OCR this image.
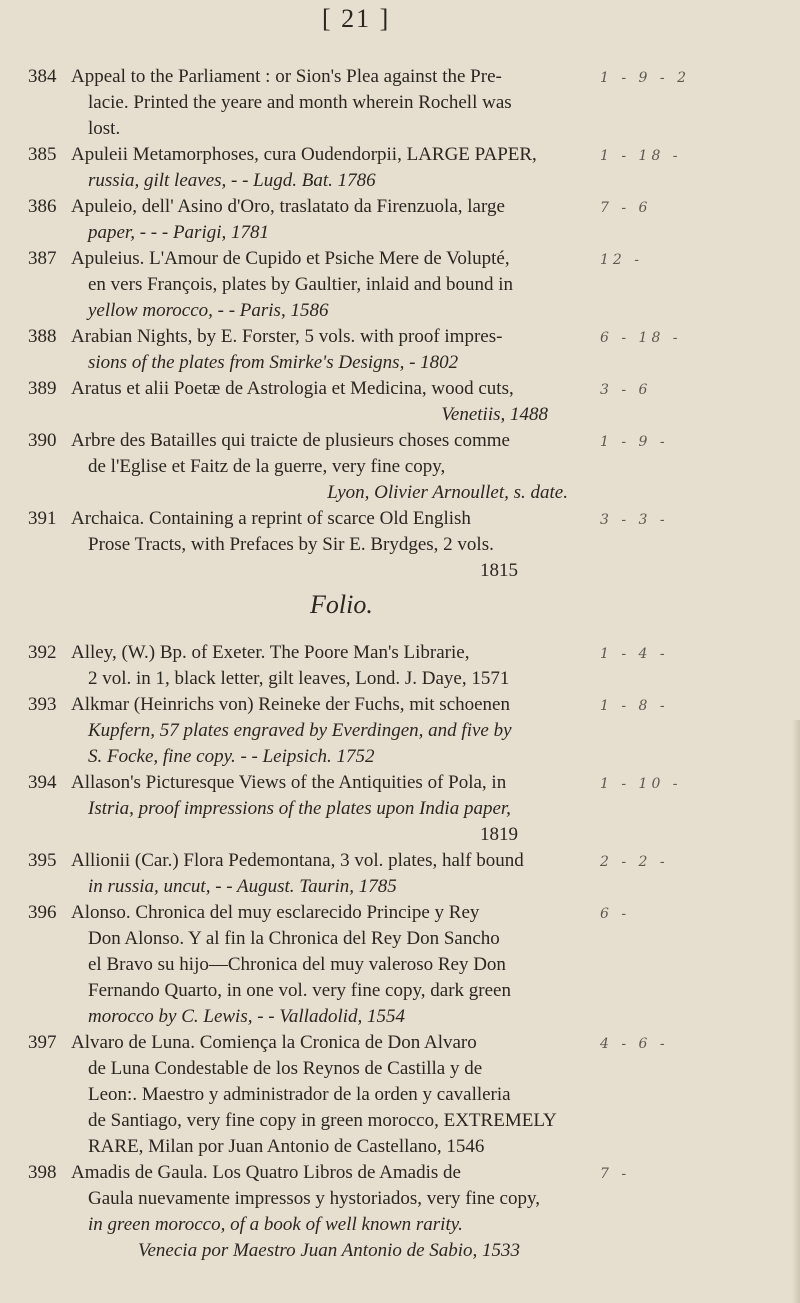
[ 21 ]
384 Appeal to the Parliament : or Sion's Plea against the Pre-
lacie. Printed the yeare and month wherein Rochell was
lost.
1 - 9 - 2
385 Apuleii Metamorphoses, cura Oudendorpii, LARGE PAPER,
russia, gilt leaves, - - Lugd. Bat. 1786
1 - 18 -
386 Apuleio, dell' Asino d'Oro, traslatato da Firenzuola, large
paper, - - - Parigi, 1781
7 - 6
387 Apuleius. L'Amour de Cupido et Psiche Mere de Volupté,
en vers François, plates by Gaultier, inlaid and bound in
yellow morocco, - - Paris, 1586
12 -
388 Arabian Nights, by E. Forster, 5 vols. with proof impres-
sions of the plates from Smirke's Designs, - 1802
6 - 18 -
389 Aratus et alii Poetæ de Astrologia et Medicina, wood cuts,
Venetiis, 1488
3 - 6
390 Arbre des Batailles qui traicte de plusieurs choses comme
de l'Eglise et Faitz de la guerre, very fine copy,
Lyon, Olivier Arnoullet, s. date.
1 - 9 -
391 Archaica. Containing a reprint of scarce Old English
Prose Tracts, with Prefaces by Sir E. Brydges, 2 vols.
1815
3 - 3 -
Folio.
392 Alley, (W.) Bp. of Exeter. The Poore Man's Librarie,
2 vol. in 1, black letter, gilt leaves, Lond. J. Daye, 1571
1 - 4 -
393 Alkmar (Heinrichs von) Reineke der Fuchs, mit schoenen
Kupfern, 57 plates engraved by Everdingen, and five by
S. Focke, fine copy. - - Leipsich. 1752
1 - 8 -
394 Allason's Picturesque Views of the Antiquities of Pola, in
Istria, proof impressions of the plates upon India paper,
1819
1 - 10 -
395 Allionii (Car.) Flora Pedemontana, 3 vol. plates, half bound
in russia, uncut, - - August. Taurin, 1785
2 - 2 -
396 Alonso. Chronica del muy esclarecido Principe y Rey
Don Alonso. Y al fin la Chronica del Rey Don Sancho
el Bravo su hijo—Chronica del muy valeroso Rey Don
Fernando Quarto, in one vol. very fine copy, dark green
morocco by C. Lewis, - - Valladolid, 1554
6 -
397 Alvaro de Luna. Comiença la Cronica de Don Alvaro
de Luna Condestable de los Reynos de Castilla y de
Leon:. Maestro y administrador de la orden y cavalleria
de Santiago, very fine copy in green morocco, EXTREMELY
RARE, Milan por Juan Antonio de Castellano, 1546
4 - 6 -
398 Amadis de Gaula. Los Quatro Libros de Amadis de
Gaula nuevamente impressos y hystoriados, very fine copy,
in green morocco, of a book of well known rarity.
Venecia por Maestro Juan Antonio de Sabio, 1533
7 -
